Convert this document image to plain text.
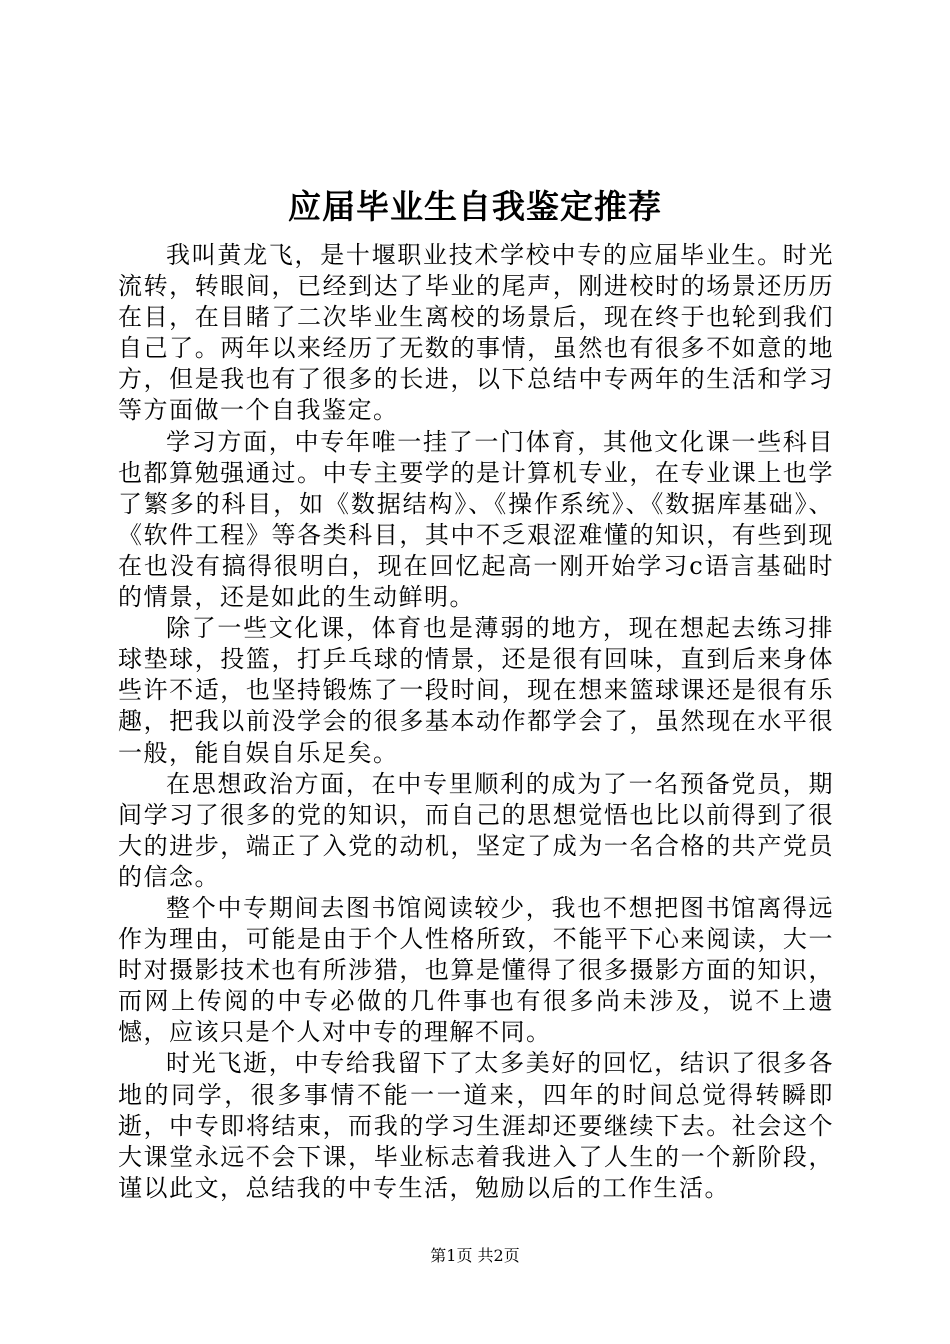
应届毕业生自我鉴定推荐

我叫黄龙飞，是十堰职业技术学校中专的应届毕业生。时光流转，转眼间，已经到达了毕业的尾声，刚进校时的场景还历历在目，在目睹了二次毕业生离校的场景后，现在终于也轮到我们自己了。两年以来经历了无数的事情，虽然也有很多不如意的地方，但是我也有了很多的长进，以下总结中专两年的生活和学习等方面做一个自我鉴定。

学习方面，中专年唯一挂了一门体育，其他文化课一些科目也都算勉强通过。中专主要学的是计算机专业，在专业课上也学了繁多的科目，如《数据结构》、《操作系统》、《数据库基础》、《软件工程》等各类科目，其中不乏艰涩难懂的知识，有些到现在也没有搞得很明白，现在回忆起高一刚开始学习c语言基础时的情景，还是如此的生动鲜明。

除了一些文化课，体育也是薄弱的地方，现在想起去练习排球垫球，投篮，打乒乓球的情景，还是很有回味，直到后来身体些许不适，也坚持锻炼了一段时间，现在想来篮球课还是很有乐趣，把我以前没学会的很多基本动作都学会了，虽然现在水平很一般，能自娱自乐足矣。

在思想政治方面，在中专里顺利的成为了一名预备党员，期间学习了很多的党的知识，而自己的思想觉悟也比以前得到了很大的进步，端正了入党的动机，坚定了成为一名合格的共产党员的信念。

整个中专期间去图书馆阅读较少，我也不想把图书馆离得远作为理由，可能是由于个人性格所致，不能平下心来阅读，大一时对摄影技术也有所涉猎，也算是懂得了很多摄影方面的知识，而网上传阅的中专必做的几件事也有很多尚未涉及，说不上遗憾，应该只是个人对中专的理解不同。

时光飞逝，中专给我留下了太多美好的回忆，结识了很多各地的同学，很多事情不能一一道来，四年的时间总觉得转瞬即逝，中专即将结束，而我的学习生涯却还要继续下去。社会这个大课堂永远不会下课，毕业标志着我进入了人生的一个新阶段，谨以此文，总结我的中专生活，勉励以后的工作生活。

第1页 共2页
